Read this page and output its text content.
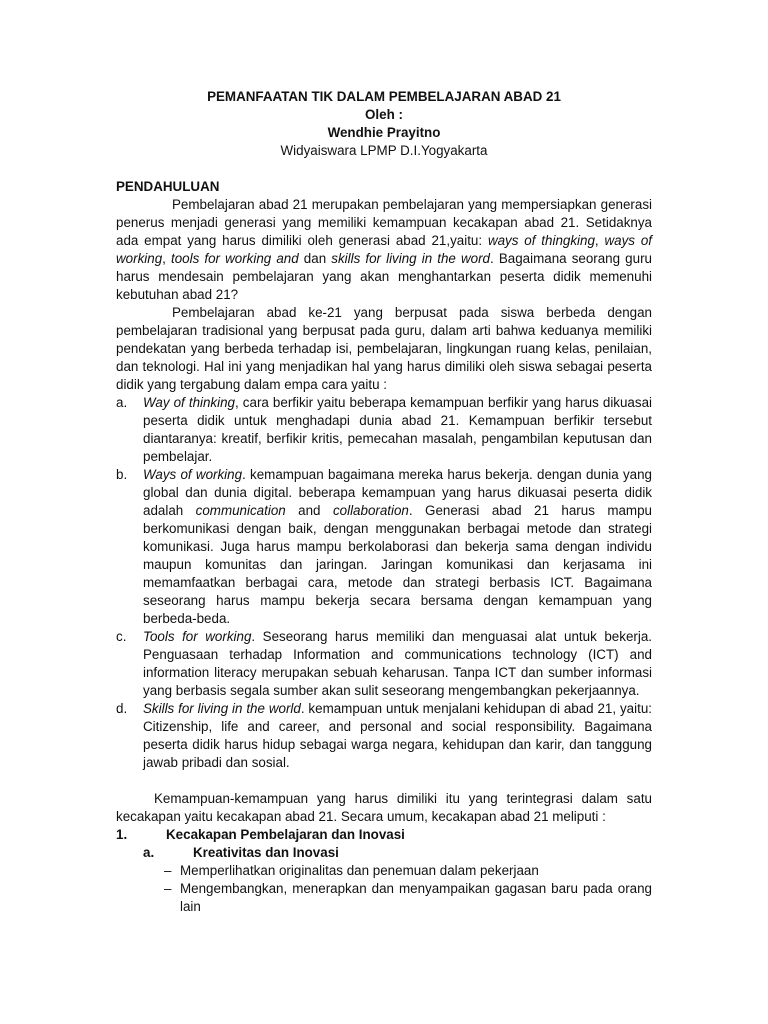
PEMANFAATAN TIK DALAM PEMBELAJARAN ABAD 21
Oleh :
Wendhie Prayitno
Widyaiswara LPMP D.I.Yogyakarta
PENDAHULUAN

Pembelajaran abad 21 merupakan pembelajaran yang mempersiapkan generasi penerus menjadi generasi yang memiliki kemampuan kecakapan abad 21. Setidaknya ada empat yang harus dimiliki oleh generasi abad 21,yaitu: ways of thingking, ways of working, tools for working and dan skills for living in the word. Bagaimana seorang guru harus mendesain pembelajaran yang akan menghantarkan peserta didik memenuhi kebutuhan abad 21?

Pembelajaran abad ke-21 yang berpusat pada siswa berbeda dengan pembelajaran tradisional yang berpusat pada guru, dalam arti bahwa keduanya memiliki pendekatan yang berbeda terhadap isi, pembelajaran, lingkungan ruang kelas, penilaian, dan teknologi. Hal ini yang menjadikan hal yang harus dimiliki oleh siswa sebagai peserta didik yang tergabung dalam empa cara yaitu :

a. Way of thinking, cara berfikir yaitu beberapa kemampuan berfikir yang harus dikuasai peserta didik untuk menghadapi dunia abad 21. Kemampuan berfikir tersebut diantaranya: kreatif, berfikir kritis, pemecahan masalah, pengambilan keputusan dan pembelajar.
b. Ways of working. kemampuan bagaimana mereka harus bekerja. dengan dunia yang global dan dunia digital. beberapa kemampuan yang harus dikuasai peserta didik adalah communication and collaboration. Generasi abad 21 harus mampu berkomunikasi dengan baik, dengan menggunakan berbagai metode dan strategi komunikasi. Juga harus mampu berkolaborasi dan bekerja sama dengan individu maupun komunitas dan jaringan. Jaringan komunikasi dan kerjasama ini memamfaatkan berbagai cara, metode dan strategi berbasis ICT. Bagaimana seseorang harus mampu bekerja secara bersama dengan kemampuan yang berbeda-beda.
c. Tools for working. Seseorang harus memiliki dan menguasai alat untuk bekerja. Penguasaan terhadap Information and communications technology (ICT) and information literacy merupakan sebuah keharusan. Tanpa ICT dan sumber informasi yang berbasis segala sumber akan sulit seseorang mengembangkan pekerjaannya.
d. Skills for living in the world. kemampuan untuk menjalani kehidupan di abad 21, yaitu: Citizenship, life and career, and personal and social responsibility. Bagaimana peserta didik harus hidup sebagai warga negara, kehidupan dan karir, dan tanggung jawab pribadi dan sosial.

Kemampuan-kemampuan yang harus dimiliki itu yang terintegrasi dalam satu kecakapan yaitu kecakapan abad 21. Secara umum, kecakapan abad 21 meliputi :

1.	Kecakapan Pembelajaran dan Inovasi
a.	Kreativitas dan Inovasi
– Memperlihatkan originalitas dan penemuan dalam pekerjaan
– Mengembangkan, menerapkan dan menyampaikan gagasan baru pada orang lain
